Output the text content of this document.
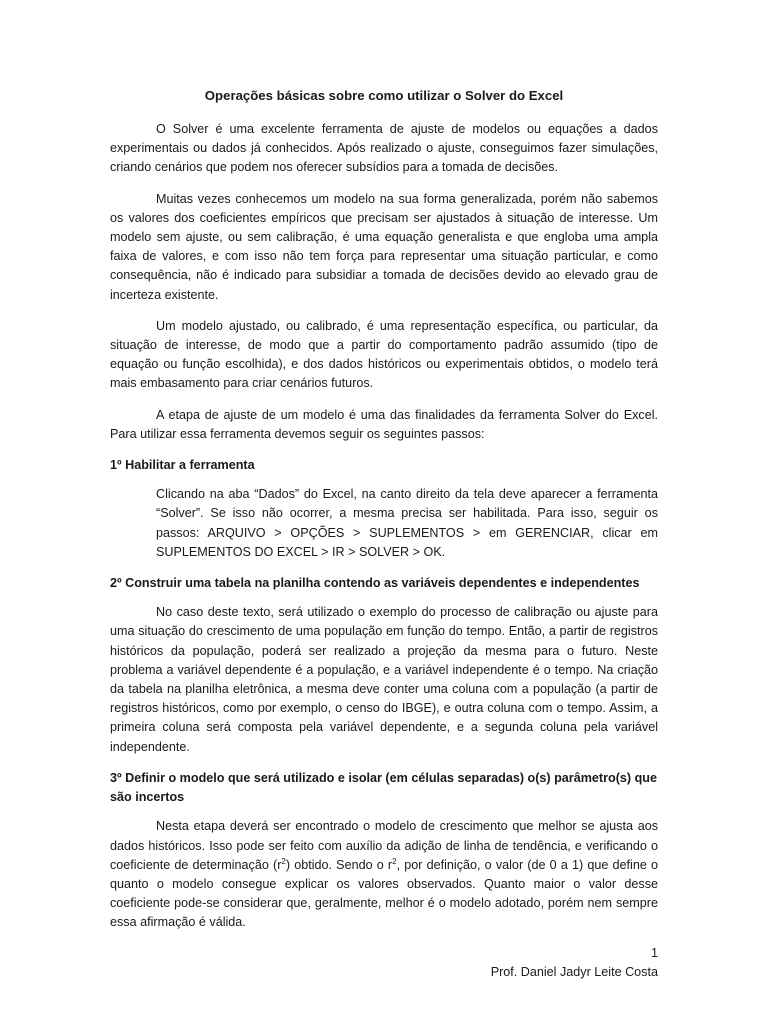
Operações básicas sobre como utilizar o Solver do Excel

O Solver é uma excelente ferramenta de ajuste de modelos ou equações a dados experimentais ou dados já conhecidos. Após realizado o ajuste, conseguimos fazer simulações, criando cenários que podem nos oferecer subsídios para a tomada de decisões.

Muitas vezes conhecemos um modelo na sua forma generalizada, porém não sabemos os valores dos coeficientes empíricos que precisam ser ajustados à situação de interesse. Um modelo sem ajuste, ou sem calibração, é uma equação generalista e que engloba uma ampla faixa de valores, e com isso não tem força para representar uma situação particular, e como consequência, não é indicado para subsidiar a tomada de decisões devido ao elevado grau de incerteza existente.

Um modelo ajustado, ou calibrado, é uma representação específica, ou particular, da situação de interesse, de modo que a partir do comportamento padrão assumido (tipo de equação ou função escolhida), e dos dados históricos ou experimentais obtidos, o modelo terá mais embasamento para criar cenários futuros.

A etapa de ajuste de um modelo é uma das finalidades da ferramenta Solver do Excel. Para utilizar essa ferramenta devemos seguir os seguintes passos:

1º Habilitar a ferramenta

Clicando na aba “Dados” do Excel, na canto direito da tela deve aparecer a ferramenta “Solver”. Se isso não ocorrer, a mesma precisa ser habilitada. Para isso, seguir os passos: ARQUIVO > OPÇÕES > SUPLEMENTOS > em GERENCIAR, clicar em SUPLEMENTOS DO EXCEL > IR > SOLVER > OK.

2º Construir uma tabela na planilha contendo as variáveis dependentes e independentes

No caso deste texto, será utilizado o exemplo do processo de calibração ou ajuste para uma situação do crescimento de uma população em função do tempo. Então, a partir de registros históricos da população, poderá ser realizado a projeção da mesma para o futuro. Neste problema a variável dependente é a população, e a variável independente é o tempo. Na criação da tabela na planilha eletrônica, a mesma deve conter uma coluna com a população (a partir de registros históricos, como por exemplo, o censo do IBGE), e outra coluna com o tempo. Assim, a primeira coluna será composta pela variável dependente, e a segunda coluna pela variável independente.

3º Definir o modelo que será utilizado e isolar (em células separadas) o(s) parâmetro(s) que são incertos

Nesta etapa deverá ser encontrado o modelo de crescimento que melhor se ajusta aos dados históricos. Isso pode ser feito com auxílio da adição de linha de tendência, e verificando o coeficiente de determinação $(r^2)$ obtido. Sendo o $r^2$, por definição, o valor (de 0 a 1) que define o quanto o modelo consegue explicar os valores observados. Quanto maior o valor desse coeficiente pode-se considerar que, geralmente, melhor é o modelo adotado, porém nem sempre essa afirmação é válida.

1
Prof. Daniel Jadyr Leite Costa
